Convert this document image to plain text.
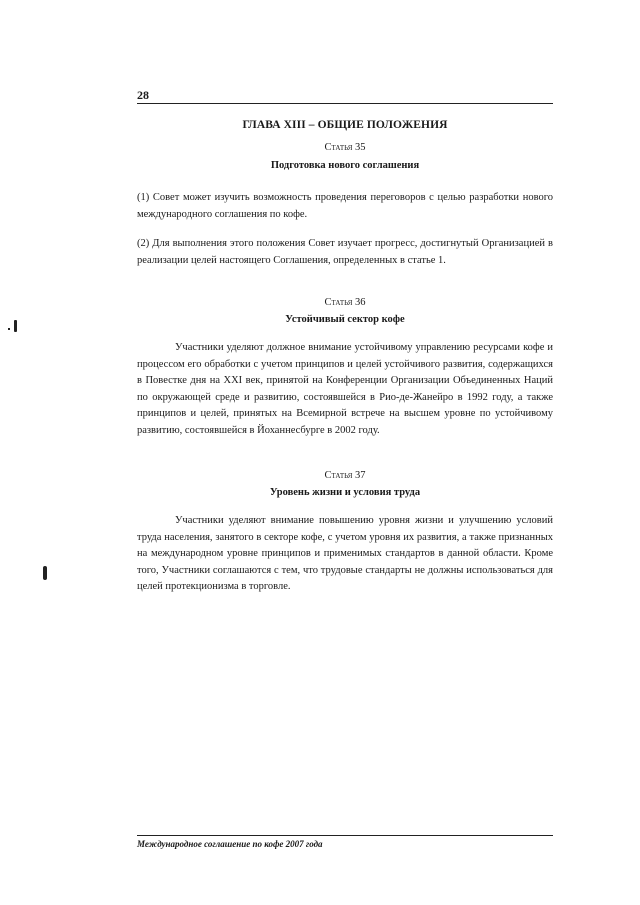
28
ГЛАВА XIII – ОБЩИЕ ПОЛОЖЕНИЯ
Статья 35
Подготовка нового соглашения

(1) Совет может изучить возможность проведения переговоров с целью разработки нового международного соглашения по кофе.

(2) Для выполнения этого положения Совет изучает прогресс, достигнутый Организацией в реализации целей настоящего Соглашения, определенных в статье 1.

Статья 36
Устойчивый сектор кофе

Участники уделяют должное внимание устойчивому управлению ресурсами кофе и процессом его обработки с учетом принципов и целей устойчивого развития, содержащихся в Повестке дня на XXI век, принятой на Конференции Организации Объединенных Наций по окружающей среде и развитию, состоявшейся в Рио-де-Жанейро в 1992 году, а также принципов и целей, принятых на Всемирной встрече на высшем уровне по устойчивому развитию, состоявшейся в Йоханнесбурге в 2002 году.

Статья 37
Уровень жизни и условия труда

Участники уделяют внимание повышению уровня жизни и улучшению условий труда населения, занятого в секторе кофе, с учетом уровня их развития, а также признанных на международном уровне принципов и применимых стандартов в данной области. Кроме того, Участники соглашаются с тем, что трудовые стандарты не должны использоваться для целей протекционизма в торговле.

Международное соглашение по кофе 2007 года
